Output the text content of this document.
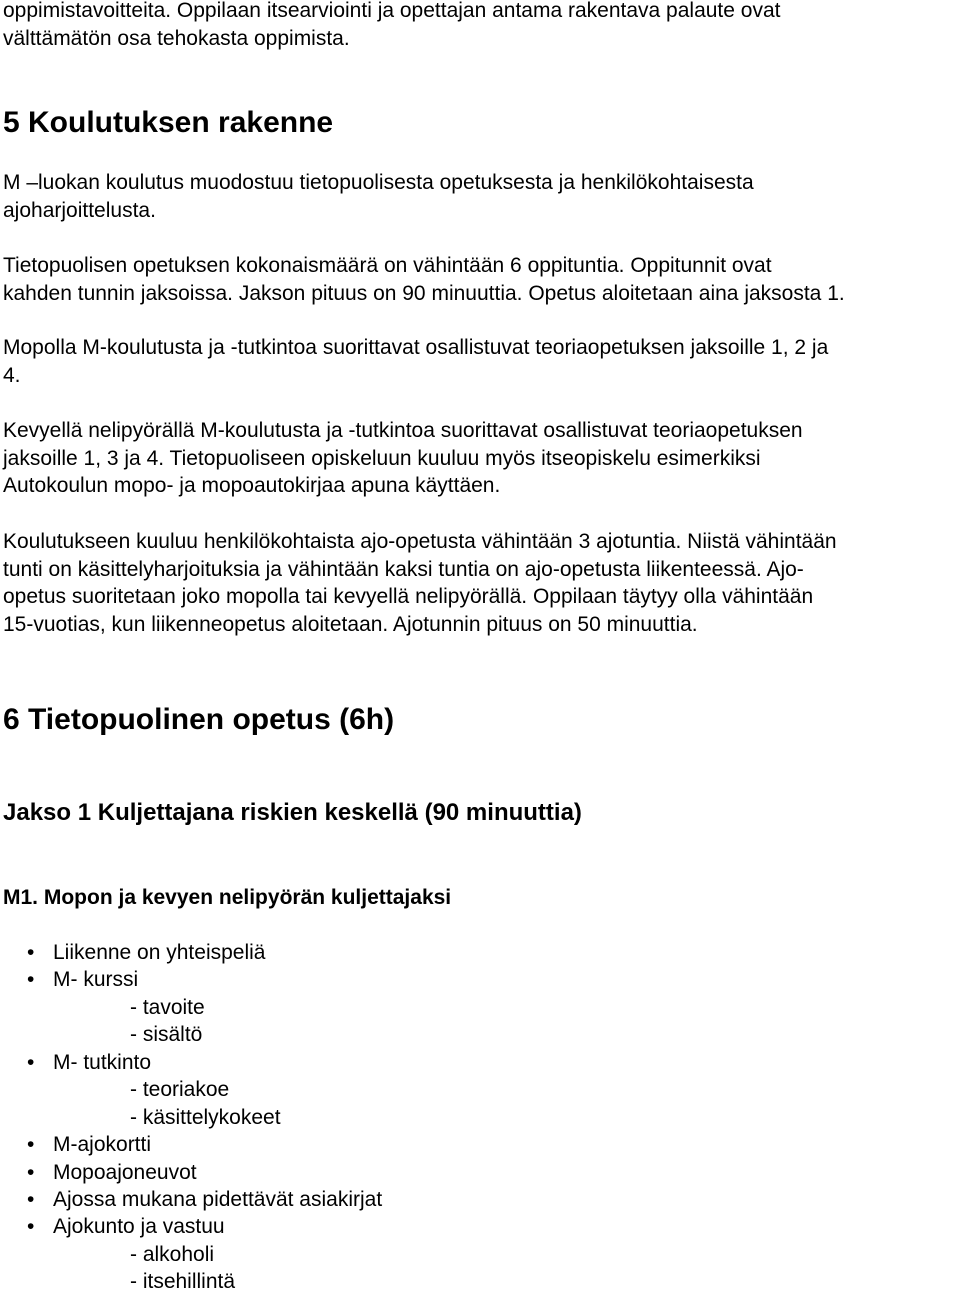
oppimistavoitteita. Oppilaan itsearviointi ja opettajan antama rakentava palaute ovat

välttämätön osa tehokasta oppimista.

5 Koulutuksen rakenne

M –luokan koulutus muodostuu tietopuolisesta opetuksesta ja henkilökohtaisesta

ajoharjoittelusta.

Tietopuolisen opetuksen kokonaismäärä on vähintään 6 oppituntia. Oppitunnit ovat

kahden tunnin jaksoissa. Jakson pituus on 90 minuuttia. Opetus aloitetaan aina jaksosta 1.

Mopolla M-koulutusta ja -tutkintoa suorittavat osallistuvat teoriaopetuksen jaksoille 1, 2 ja

4.

Kevyellä nelipyörällä M-koulutusta ja -tutkintoa suorittavat osallistuvat teoriaopetuksen

jaksoille 1, 3 ja 4. Tietopuoliseen opiskeluun kuuluu myös itseopiskelu esimerkiksi

Autokoulun mopo- ja mopoautokirjaa apuna käyttäen.

Koulutukseen kuuluu henkilökohtaista ajo-opetusta vähintään 3 ajotuntia. Niistä vähintään

tunti on käsittelyharjoituksia ja vähintään kaksi tuntia on ajo-opetusta liikenteessä. Ajo-

opetus suoritetaan joko mopolla tai kevyellä nelipyörällä. Oppilaan täytyy olla vähintään

15-vuotias, kun liikenneopetus aloitetaan. Ajotunnin pituus on 50 minuuttia.

6 Tietopuolinen opetus (6h)
Jakso 1 Kuljettajana riskien keskellä (90 minuuttia)
M1. Mopon ja kevyen nelipyörän kuljettajaksi
• Liikenne on yhteispeliä
• M- kurssi
- tavoite
- sisältö
• M- tutkinto
- teoriakoe
- käsittelykokeet
• M-ajokortti
• Mopoajoneuvot
• Ajossa mukana pidettävät asiakirjat
• Ajokunto ja vastuu
- alkoholi
- itsehillintä
